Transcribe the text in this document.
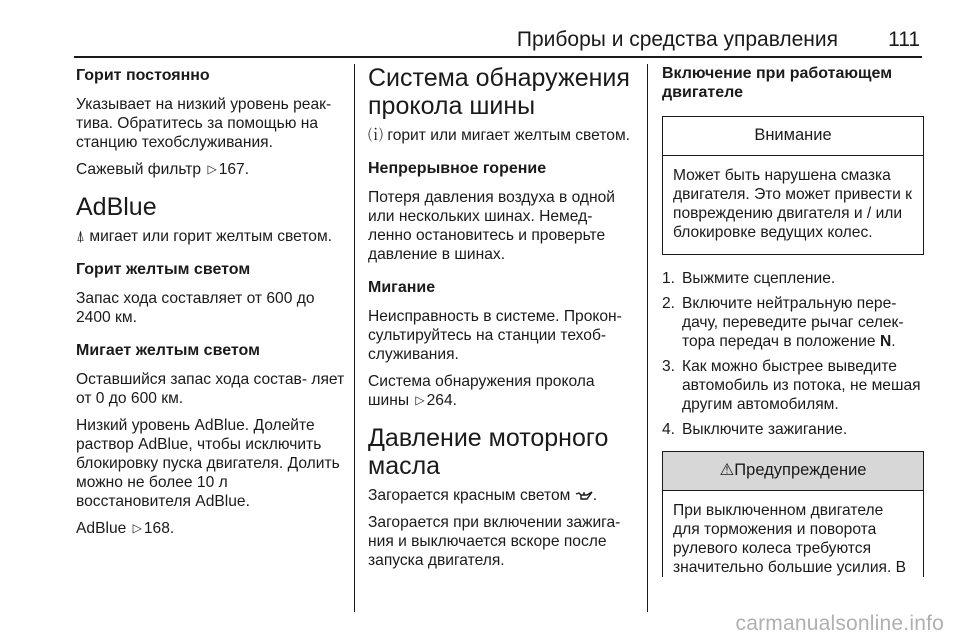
Приборы и средства управления 111
Горит постоянно
Указывает на низкий уровень реак- тива. Обратитесь за помощью на станцию техобслуживания.
Сажевый фильтр ▷ 167.
AdBlue
⍋ мигает или горит желтым светом.
Горит желтым светом
Запас хода составляет от 600 до 2400 км.
Мигает желтым светом
Оставшийся запас хода состав- ляет от 0 до 600 км.
Низкий уровень AdBlue. Долейте раствор AdBlue, чтобы исключить блокировку пуска двигателя. Долить можно не более 10 л восстановителя AdBlue.
AdBlue ▷ 168.
Система обнаружения прокола шины
⒤ горит или мигает желтым светом.
Непрерывное горение
Потеря давления воздуха в одной или нескольких шинах. Немед- ленно остановитесь и проверьте давление в шинах.
Мигание
Неисправность в системе. Прокон- сультируйтесь на станции техоб- служивания.
Система обнаружения прокола шины ▷ 264.
Давление моторного масла
Загорается красным светом .
Загорается при включении зажига- ния и выключается вскоре после запуска двигателя.
Включение при работающем двигателе
Внимание
Может быть нарушена смазка двигателя. Это может привести к повреждению двигателя и / или блокировке ведущих колес.
1. Выжмите сцепление.
2. Включите нейтральную пере- дачу, переведите рычаг селек- тора передач в положение N.
3. Как можно быстрее выведите автомобиль из потока, не мешая другим автомобилям.
4. Выключите зажигание.
⚠Предупреждение
При выключенном двигателе для торможения и поворота рулевого колеса требуются значительно большие усилия. В
carmanualsonline.info
